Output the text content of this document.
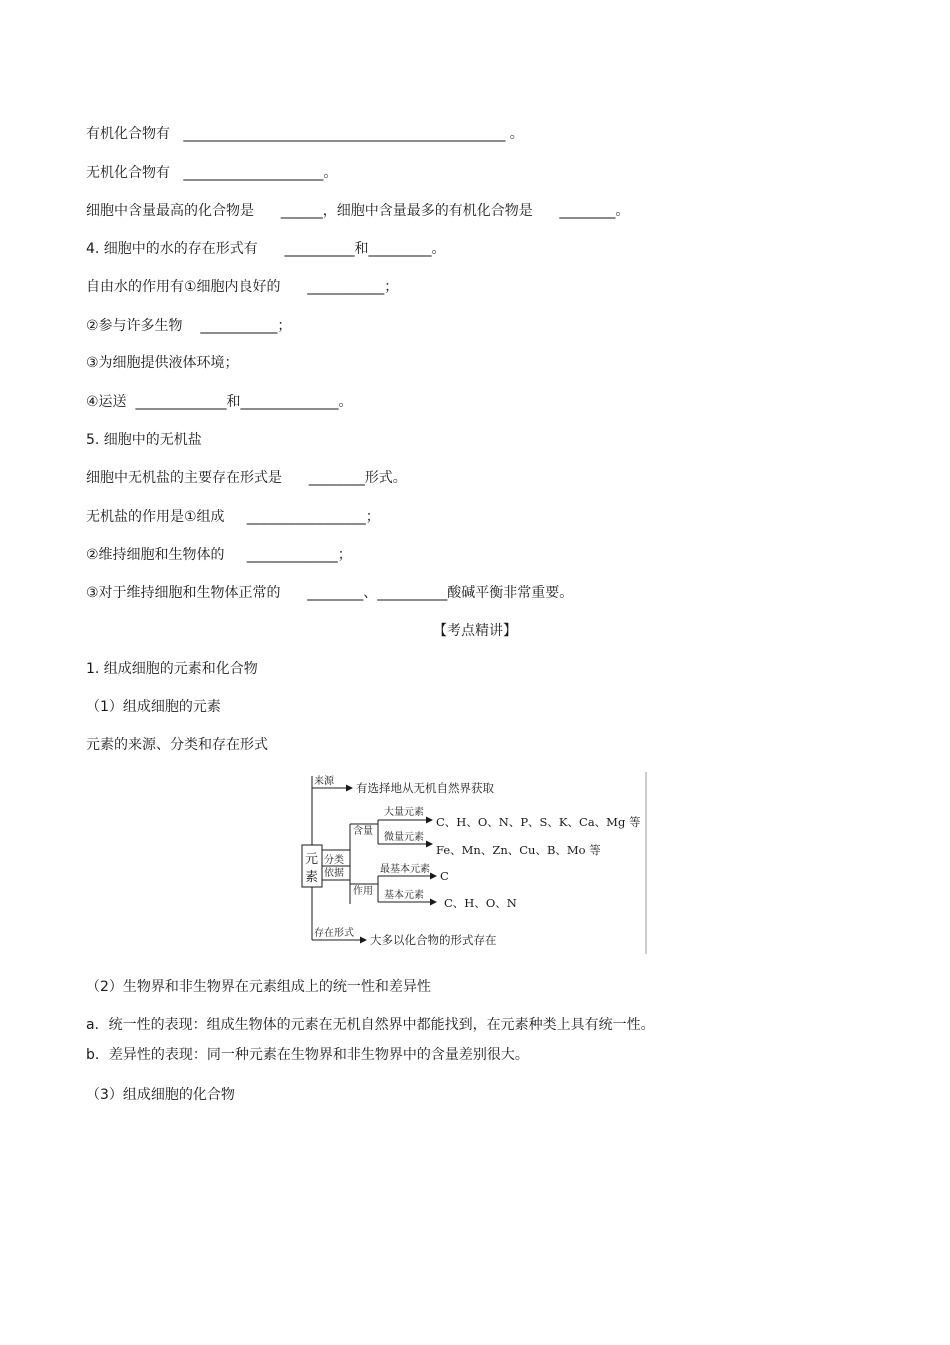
有机化合物有   ______________________________________________ 。
无机化合物有   ____________________。
细胞中含量最高的化合物是      ______，细胞中含量最多的有机化合物是      ________。
4. 细胞中的水的存在形式有      __________和_________。
自由水的作用有①细胞内良好的      ___________；
②参与许多生物    ___________；
③为细胞提供液体环境；
④运送  _____________和______________。
5. 细胞中的无机盐
细胞中无机盐的主要存在形式是      ________形式。
无机盐的作用是①组成     _________________；
②维持细胞和生物体的     _____________；
③对于维持细胞和生物体正常的      ________、__________酸碱平衡非常重要。
【考点精讲】
1. 组成细胞的元素和化合物
（1）组成细胞的元素
元素的来源、分类和存在形式
元
素
来源 有选择地从无机自然界获取
分类
依据
含量
作用
大量元素
C、H、O、N、P、S、K、Ca、Mg 等
微量元素
Fe、Mn、Zn、Cu、B、Mo 等
最基本元素 C
基本元素
C、H、O、N
存在形式 大多以化合物的形式存在
（2）生物界和非生物界在元素组成上的统一性和差异性
a．统一性的表现：组成生物体的元素在无机自然界中都能找到，在元素种类上具有统一性。
b．差异性的表现：同一种元素在生物界和非生物界中的含量差别很大。
（3）组成细胞的化合物
